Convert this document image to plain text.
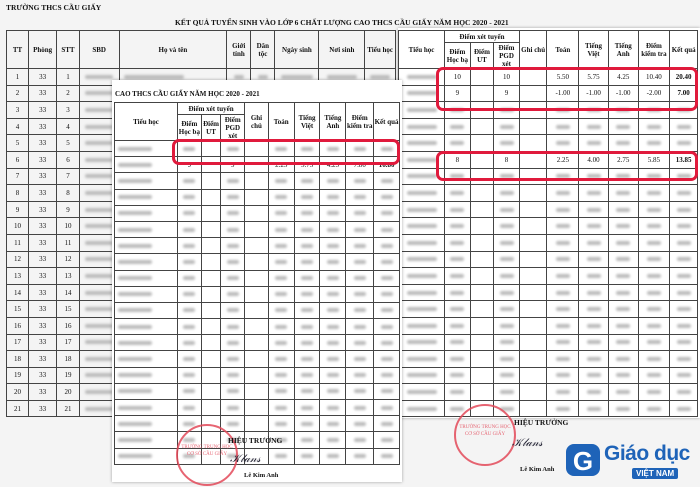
TRƯỜNG THCS CẦU GIẤY
KẾT QUẢ TUYỂN SINH VÀO LỚP 6 CHẤT LƯỢNG CAO THCS CẦU GIẤY NĂM HỌC 2020 - 2021
TT	Phòng	STT	SBD	Họ và tên	Giới tính	Dân tộc	Ngày sinh	Nơi sinh	Tiểu học
1	33	1							
2	33	2							
3	33	3							
4	33	4							
5	33	5							
6	33	6							
7	33	7							
8	33	8							
9	33	9							
10	33	10							
11	33	11							
12	33	12							
13	33	13							
14	33	14							
15	33	15							
16	33	16							
17	33	17							
18	33	18							
19	33	19							
20	33	20							
21	33	21							
Tiểu học	Điểm xét tuyển			Ghi chú	Toán	Tiếng Việt	Tiếng Anh	Điểm kiểm tra	Kết quả
	Điểm Học bạ	Điểm UT	Điểm PGD xét						
	10		10		5.50	5.75	4.25	10.40	20.40
	9		9		-1.00	-1.00	-1.00	-2.00	7.00

	8		8		2.25	4.00	2.75	5.85	13.85

CAO THCS CẦU GIẤY NĂM HỌC 2020 - 2021
Tiểu học	Điểm xét tuyển			Ghi chú	Toán	Tiếng Việt	Tiếng Anh	Điểm kiểm tra	Kết quả
	Điểm Học bạ	Điểm UT	Điểm PGD xét						

	9		9		2.25	5.75	4.25	7.80	16.80

TRƯỜNG TRUNG HỌC CƠ SỞ CẦU GIẤY
HIỆU TRƯỞNG
𝒦𝓁𝒶𝓃𝓈
Lê Kim Anh
TRƯỜNG TRUNG HỌC CƠ SỞ CẦU GIẤY
HIỆU TRƯỞNG
𝒦𝓁𝒶𝓃𝓈
Lê Kim Anh G Giáo dục
VIỆT NAM
